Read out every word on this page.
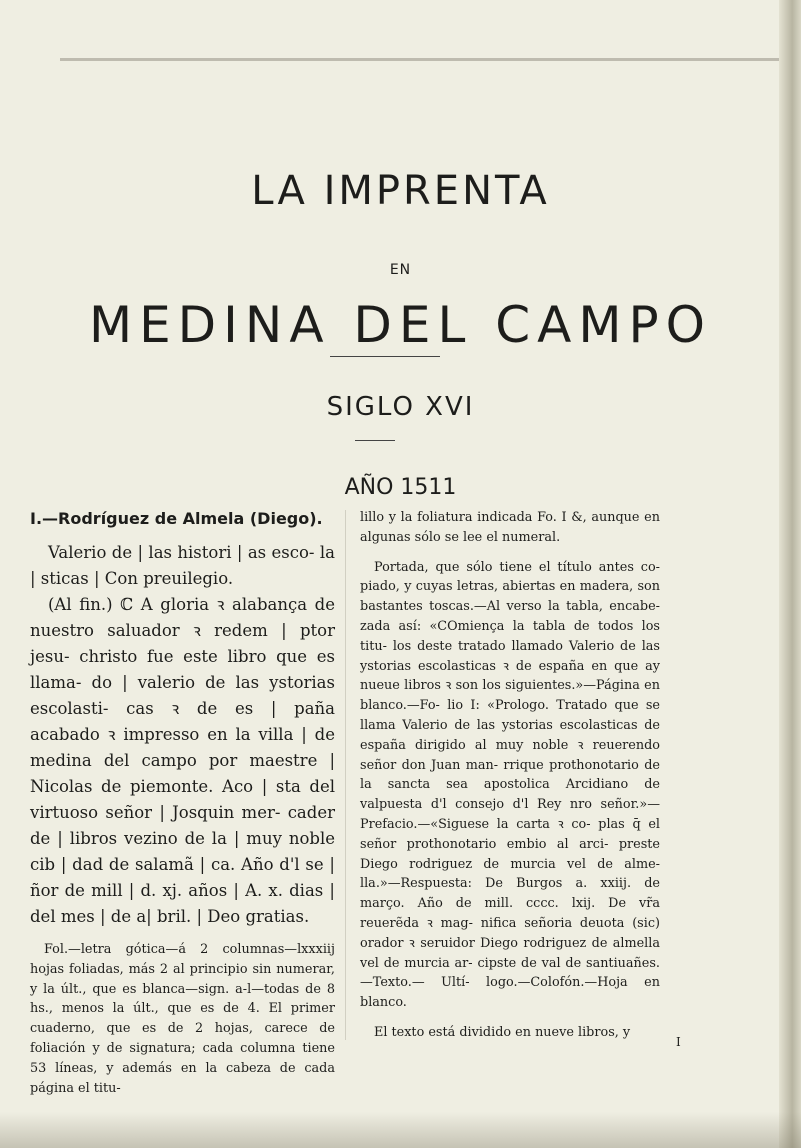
LA IMPRENTA
EN
MEDINA DEL CAMPO
SIGLO XVI
AÑO 1511

I.—Rodríguez de Almela (Diego).

Valerio de | las histori | as esco- la | sticas | Con preuilegio.

(Al fin.) ℂ A gloria ꝛ alabança de nuestro saluador ꝛ redem | ptor jesu- christo fue este libro que es llama- do | valerio de las ystorias escolasti- cas ꝛ de es | paña acabado ꝛ impresso en la villa | de medina del campo por maestre | Nicolas de piemonte. Aco | sta del virtuoso señor | Josquin mer- cader de | libros vezino de la | muy noble cib | dad de salamã | ca. Año d'l se | ñor de mill | d. xj. años | A. x. dias | del mes | de a| bril. | Deo gratias.

Fol.—letra gótica—á 2 columnas—lxxxiij hojas foliadas, más 2 al principio sin numerar, y la últ., que es blanca—sign. a-l—todas de 8 hs., menos la últ., que es de 4. El primer cuaderno, que es de 2 hojas, carece de foliación y de signatura; cada columna tiene 53 líneas, y además en la cabeza de cada página el titu-

lillo y la foliatura indicada Fo. I &, aunque en algunas sólo se lee el numeral.

Portada, que sólo tiene el título antes co- piado, y cuyas letras, abiertas en madera, son bastantes toscas.—Al verso la tabla, encabe- zada así: «COmiença la tabla de todos los titu- los deste tratado llamado Valerio de las ystorias escolasticas ꝛ de españa en que ay nueue libros ꝛ son los siguientes.»—Página en blanco.—Fo- lio I: «Prologo. Tratado que se llama Valerio de las ystorias escolasticas de españa dirigido al muy noble ꝛ reuerendo señor don Juan man- rrique prothonotario de la sancta sea apostolica Arcidiano de valpuesta d'l consejo d'l Rey nro señor.»—Prefacio.—«Siguese la carta ꝛ co- plas q̄ el señor prothonotario embio al arci- preste Diego rodriguez de murcia vel de alme- lla.»—Respuesta: De Burgos a. xxiij. de março. Año de mill. cccc. lxij. De vr̃a reuerẽda ꝛ mag- nifica señoria deuota (sic) orador ꝛ seruidor Diego rodriguez de almella vel de murcia ar- cipste de val de santiuañes.—Texto.— Ultí- logo.—Colofón.—Hoja en blanco.

El texto está dividido en nueve libros, y

I
